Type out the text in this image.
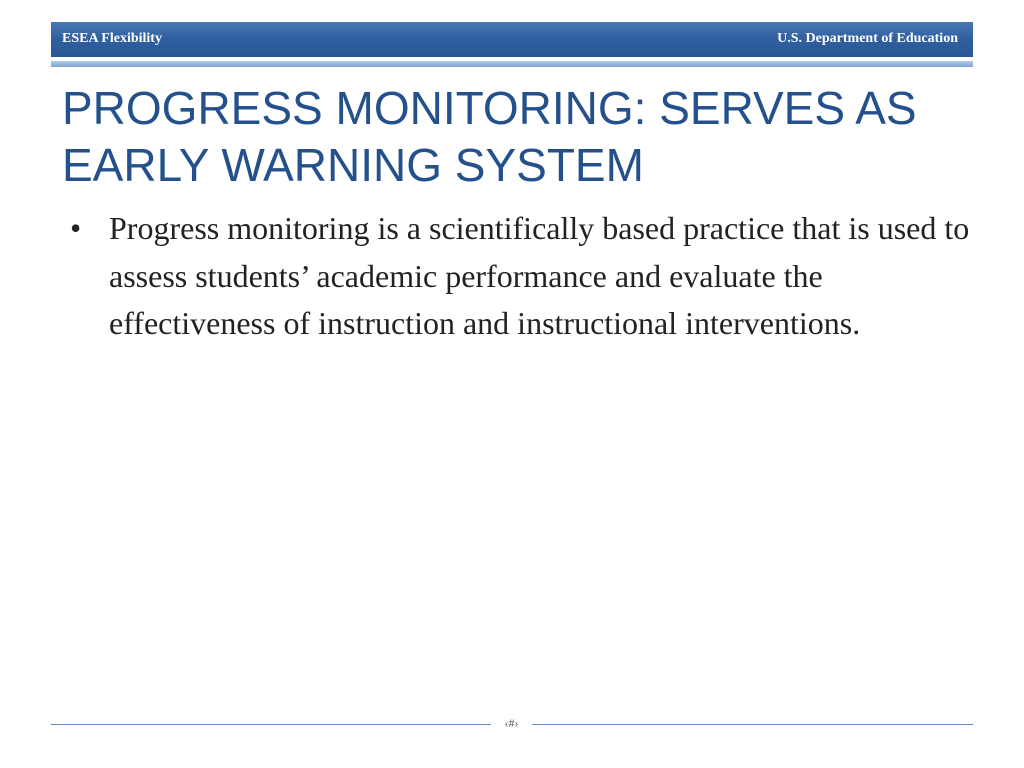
ESEA Flexibility	U.S. Department of Education
PROGRESS MONITORING: SERVES AS EARLY WARNING SYSTEM
• Progress monitoring is a scientifically based practice that is used to assess students’ academic performance and evaluate the effectiveness of instruction and instructional interventions.
‹#›
